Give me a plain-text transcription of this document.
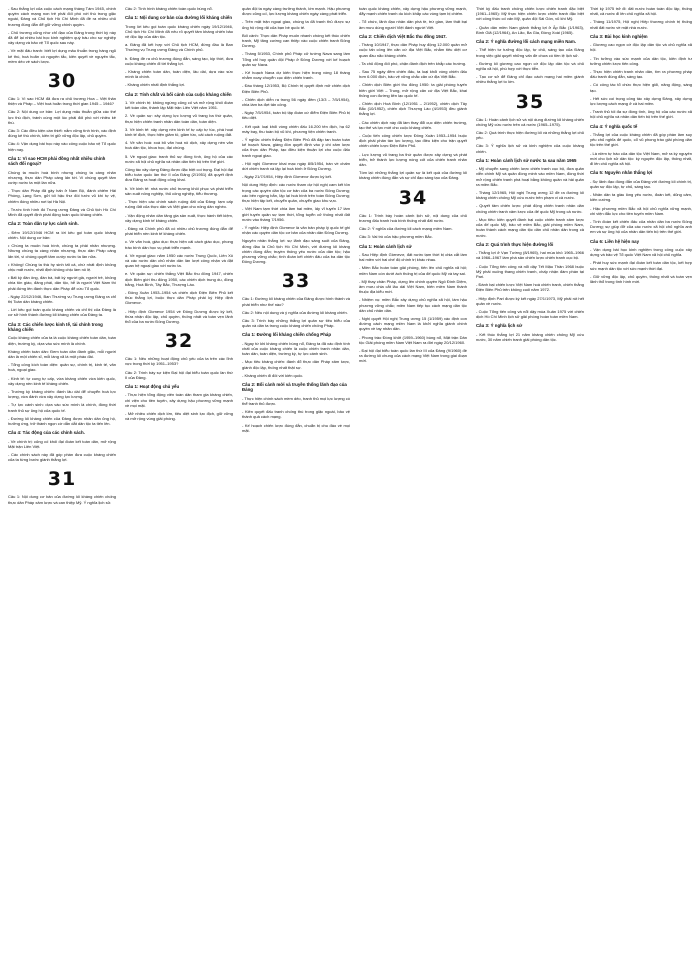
- Sau thắng lợi của cuộc cách mạng tháng Tám 1945, chính quyền cách mạng non trẻ phải đối phó với thù trong giặc ngoài, Đảng và Chủ tịch Hồ Chí Minh đã đề ra nhiều chủ trương đúng đắn để giữ vững chính quyền.
- Chủ trương cũng như chỉ đạo của Đảng trong thời kỳ này đã để lại nhiều bài học kinh nghiệm quý báu cho sự nghiệp xây dựng và bảo vệ Tổ quốc sau này.
- Về mặt đấu tranh: biết lợi dụng mâu thuẫn trong hàng ngũ kẻ thù, hoà hoãn có nguyên tắc, kiên quyết về nguyên tắc, mềm dẻo về sách lược.
30
Câu 1: Vì sao HCM đã đưa ra chủ trương Hoa – Việt thân thiện và Pháp – Việt hoà hoãn trong thời gian 1945 – 1946?
Câu 2: Nội dung cơ bản: Lợi dụng mâu thuẫn giữa các thế lực thù địch, tránh cùng một lúc phải đối phó với nhiều kẻ thù.
Câu 3: Các điều kiện cần thiết: nắm vững tình hình, xác định đúng kẻ thù chính, kiên trì giữ vững độc lập, chủ quyền.
Câu 4: Vận dụng bài học này vào công cuộc bảo vệ Tổ quốc hiện nay.
Câu 1: Vì sao HCM phải đồng nhất nhiều chính sách đối ngoại?
Chúng ta muốn hoà bình nhưng chúng ta càng nhân nhượng, thực dân Pháp càng lấn tới. Vì chúng quyết tâm cướp nước ta một lần nữa.
- Thực dân Pháp đã gây hấn ở Nam Bộ, đánh chiếm Hải Phòng, Lạng Sơn, gửi tối hậu thư đòi tước vũ khí tự vệ, chiếm đóng nhiều nơi tại Hà Nội.
- Trước tình hình đó Trung ương Đảng và Chủ tịch Hồ Chí Minh đã quyết định phát động toàn quốc kháng chiến.
Câu 2: Toàn dân tự lực cánh sinh.
- Đêm 19/12/1946 HCM ra lời kêu gọi toàn quốc kháng chiến. Nội dung cơ bản:
• Chúng ta muốn hoà bình, chúng ta phải nhân nhượng. Nhưng chúng ta càng nhân nhượng, thực dân Pháp càng lấn tới, vì chúng quyết tâm cướp nước ta lần nữa.
• Không! Chúng ta thà hy sinh tất cả, chứ nhất định không chịu mất nước, nhất định không chịu làm nô lệ.
• Bất kỳ đàn ông, đàn bà, bất kỳ người già, người trẻ, không chia tôn giáo, đảng phái, dân tộc, hễ là người Việt Nam thì phải đứng lên đánh thực dân Pháp để cứu Tổ quốc.
- Ngày 22/12/1946, Ban Thường vụ Trung ương Đảng ra chỉ thị Toàn dân kháng chiến.
- Lời kêu gọi toàn quốc kháng chiến và chỉ thị của Đảng là cơ sở hình thành đường lối kháng chiến của Đảng ta.
Câu 3: Các chiến lược kinh tế, tài chính trong kháng chiến
Cuộc kháng chiến của ta là cuộc kháng chiến toàn dân, toàn diện, trường kỳ, dựa vào sức mình là chính.
Kháng chiến toàn dân: Đem toàn dân đánh giặc, mỗi người dân là một chiến sĩ, mỗi làng xã là một pháo đài.
- Tổng công kích toàn diện: quân sự, chính trị, kinh tế, văn hoá, ngoại giao.
- Kinh tế: tự cung tự cấp, vừa kháng chiến vừa kiến quốc, xây dựng nền kinh tế kháng chiến.
- Trường kỳ kháng chiến: đánh lâu dài để chuyển hoá lực lượng, vừa đánh vừa xây dựng lực lượng.
- Tự lực cánh sinh: dựa vào sức mình là chính, đồng thời tranh thủ sự ủng hộ của quốc tế.
- Đường lối kháng chiến của Đảng được nhân dân ủng hộ, hưởng ứng, trở thành ngọn cờ dẫn dắt dân tộc ta tiến lên.
Câu 4: Tác động của các chính sách.
- Về chính trị: củng cố khối đại đoàn kết toàn dân, mở rộng Mặt trận Liên Việt.
- Các chính sách này đã góp phần đưa cuộc kháng chiến của ta từng bước giành thắng lợi.
31
Câu 1: Nội dung cơ bản của đường lối kháng chiến chống thực dân Pháp xâm lược và can thiệp Mỹ. Ý nghĩa lịch sử.
Câu 2: Tình hình kháng chiến toàn quốc bùng nổ.
Câu 1: Nội dung cơ bản của đường lối kháng chiến
Trong lời kêu gọi toàn quốc kháng chiến ngày 19/12/1946, Chủ tịch Hồ Chí Minh đã nêu rõ quyết tâm kháng chiến bảo vệ độc lập của dân tộc.
a. Đảng đã kết hợp với Chủ tịch HCM, đứng đầu là Ban Thường vụ Trung ương Đảng và Chính phủ.
b. Đảng đề ra chủ trương đúng đắn, sáng tạo, kịp thời, đưa cuộc kháng chiến đi tới thắng lợi.
- Kháng chiến toàn dân, toàn diện, lâu dài, dựa vào sức mình là chính.
- Kháng chiến nhất định thắng lợi.
Câu 2: Tính chất và bối cảnh của cuộc kháng chiến
1. Về chính trị: không ngừng củng cố và mở rộng khối đoàn kết toàn dân, thành lập Mặt trận Liên Việt năm 1951.
2. Về quân sự: xây dựng lực lượng vũ trang ba thứ quân, thực hiện chiến tranh nhân dân toàn dân, toàn diện.
3. Về kinh tế: xây dựng nền kinh tế tự cấp tự túc, phá hoại kinh tế địch, thực hiện giảm tô, giảm tức, cải cách ruộng đất.
4. Về văn hoá: xoá bỏ văn hoá nô dịch, xây dựng nền văn hoá dân tộc, khoa học, đại chúng.
5. Về ngoại giao: tranh thủ sự đồng tình, ủng hộ của các nước xã hội chủ nghĩa và nhân dân tiến bộ trên thế giới.
Công tác xây dựng Đảng được đặc biệt coi trọng. Đại hội đại biểu toàn quốc lần thứ II của Đảng (2/1951) đã quyết định đưa Đảng ra hoạt động công khai.
b. Về kinh tế: nhà nước chủ trương khôi phục và phát triển sản xuất nông nghiệp, thủ công nghiệp, tiểu thương.
- Thực hiện các chính sách ruộng đất của Đảng: tạm cấp ruộng đất của thực dân và Việt gian cho nông dân nghèo.
- Vận động nhân dân tăng gia sản xuất, thực hành tiết kiệm, xây dựng kinh tế kháng chiến.
- Đảng và Chính phủ đã có nhiều chủ trương đúng đắn để phát triển nền kinh tế kháng chiến.
c. Về văn hoá, giáo dục: thực hiện cải cách giáo dục, phong trào bình dân học vụ phát triển mạnh.
d. Về ngoại giao: năm 1950 các nước Trung Quốc, Liên Xô và các nước dân chủ nhân dân lần lượt công nhận và đặt quan hệ ngoại giao với nước ta.
e. Về quân sự: chiến thắng Việt Bắc thu đông 1947, chiến dịch Biên giới thu đông 1950, các chiến dịch trung du, đồng bằng, Hoà Bình, Tây Bắc, Thượng Lào.
- Đông Xuân 1953–1954 và chiến dịch Điện Biên Phủ kết thúc thắng lợi, buộc thực dân Pháp phải ký Hiệp định Giơnevơ.
- Hiệp định Giơnevơ 1954 về Đông Dương được ký kết, thừa nhận độc lập, chủ quyền, thống nhất và toàn vẹn lãnh thổ của ba nước Đông Dương.
32
Câu 1: Nêu những hoạt động chủ yếu của ta trên các lĩnh vực trong thời kỳ 1951–1953?
Câu 2: Trình bày sự kiện Đại hội đại biểu toàn quốc lần thứ II của Đảng.
Câu 1: Hoạt động chủ yếu
- Thực hiện tổng động viên toàn dân tham gia kháng chiến, chi viện cho tiền tuyến, xây dựng hậu phương vững mạnh về mọi mặt.
- Mở nhiều chiến dịch lớn, tiêu diệt sinh lực địch, giữ vững và mở rộng vùng giải phóng.
quân đội ta ngày càng trưởng thành, lớn mạnh. Hậu phương được củng cố, lực lượng kháng chiến ngày càng phát triển.
- Trên mặt trận ngoại giao, chúng ta đã tranh thủ được sự ủng hộ rộng rãi của bạn bè quốc tế.
Bối cảnh: Thực dân Pháp muốn nhanh chóng kết thúc chiến tranh, Mỹ tăng cường can thiệp vào cuộc chiến tranh Đông Dương.
- Tháng 5/1953, Chính phủ Pháp cử tướng Nava sang làm Tổng chỉ huy quân đội Pháp ở Đông Dương với kế hoạch quân sự Nava.
- Kế hoạch Nava dự kiến thực hiện trong vòng 18 tháng nhằm xoay chuyển cục diện chiến tranh.
- Đầu tháng 12/1953, Bộ Chính trị quyết định mở chiến dịch Điện Biên Phủ.
- Chiến dịch diễn ra trong 56 ngày đêm (13/3 – 7/5/1954), chia làm ba đợt tấn công.
- Ngày 7/5/1954, toàn bộ tập đoàn cứ điểm Điện Biên Phủ bị tiêu diệt.
- Kết quả: loại khỏi vòng chiến đấu 16.200 tên địch, hạ 62 máy bay, thu toàn bộ vũ khí, phương tiện chiến tranh.
- Ý nghĩa: chiến thắng Điện Biên Phủ đã đập tan hoàn toàn kế hoạch Nava, giáng đòn quyết định vào ý chí xâm lược của thực dân Pháp, tạo điều kiện thuận lợi cho cuộc đấu tranh ngoại giao.
- Hội nghị Giơnevơ khai mạc ngày 8/5/1954, bàn về chấm dứt chiến tranh và lập lại hoà bình ở Đông Dương.
- Ngày 21/7/1954, Hiệp định Giơnevơ được ký kết.
Nội dung Hiệp định: các nước tham dự hội nghị cam kết tôn trọng các quyền dân tộc cơ bản của ba nước Đông Dương; các bên ngừng bắn, lập lại hoà bình trên toàn Đông Dương; thực hiện tập kết, chuyển quân, chuyển giao khu vực.
- Việt Nam tạm thời chia làm hai miền, lấy vĩ tuyến 17 làm giới tuyến quân sự tạm thời, tổng tuyển cử thống nhất đất nước vào tháng 7/1956.
- Ý nghĩa: Hiệp định Giơnevơ là văn bản pháp lý quốc tế ghi nhận các quyền dân tộc cơ bản của nhân dân Đông Dương.
Nguyên nhân thắng lợi: sự lãnh đạo sáng suốt của Đảng, đứng đầu là Chủ tịch Hồ Chí Minh, với đường lối kháng chiến đúng đắn; truyền thống yêu nước của dân tộc; hậu phương vững chắc; tình đoàn kết chiến đấu của ba dân tộc Đông Dương.
33
Câu 1: Đường lối kháng chiến của Đảng được hình thành và phát triển như thế nào?
Câu 2: Nêu nội dung và ý nghĩa của đường lối kháng chiến.
Câu 3: Trình bày những thắng lợi quân sự tiêu biểu của quân và dân ta trong cuộc kháng chiến chống Pháp.
Câu 1: Đường lối kháng chiến chống Pháp
- Ngay từ khi kháng chiến bùng nổ, Đảng ta đã xác định tính chất của cuộc kháng chiến là cuộc chiến tranh nhân dân, toàn dân, toàn diện, trường kỳ, tự lực cánh sinh.
- Mục tiêu kháng chiến: đánh đổ thực dân Pháp xâm lược, giành độc lập, thống nhất thật sự.
- Kháng chiến đi đôi với kiến quốc.
Câu 2: Bối cảnh mới và truyền thống lãnh đạo của Đảng
- Thực hiện chính sách mềm dẻo, tranh thủ mọi lực lượng có thể tranh thủ được.
- Kiên quyết đấu tranh chống thù trong giặc ngoài, bảo vệ thành quả cách mạng.
- Kế hoạch chiến lược đúng đắn, chuẩn bị chu đáo về mọi mặt.
toàn quốc kháng chiến, xây dựng hậu phương vững mạnh, đẩy mạnh chiến tranh du kích khắp các vùng tạm bị chiếm.
- Tổ chức, lãnh đạo nhân dân phá tề, trừ gian, làm thất bại âm mưu dùng người Việt đánh người Việt.
Câu 2: Chiến dịch Việt Bắc thu đông 1947.
- Tháng 10/1947, thực dân Pháp huy động 12.000 quân mở cuộc tấn công lên căn cứ địa Việt Bắc, nhằm tiêu diệt cơ quan đầu não kháng chiến.
- Ta chủ động đối phó, chặn đánh địch trên khắp các hướng.
- Sau 75 ngày đêm chiến đấu, ta loại khỏi vòng chiến đấu hơn 6.000 địch, bảo vệ vững chắc căn cứ địa Việt Bắc.
- Chiến dịch Biên giới thu đông 1950: ta giải phóng tuyến biên giới Việt – Trung, mở rộng căn cứ địa Việt Bắc, khai thông con đường liên lạc quốc tế.
- Chiến dịch Hoà Bình (12/1951 – 2/1952), chiến dịch Tây Bắc (10/1952), chiến dịch Thượng Lào (4/1953) đều giành thắng lợi.
- Các chiến dịch này đã làm thay đổi cục diện chiến trường, tạo thế và lực mới cho cuộc kháng chiến.
- Cuộc tiến công chiến lược Đông Xuân 1953–1954 buộc địch phải phân tán lực lượng, tạo điều kiện cho trận quyết chiến chiến lược Điện Biên Phủ.
- Lực lượng vũ trang ba thứ quân được xây dựng và phát triển, trở thành lực lượng nòng cốt của chiến tranh nhân dân.
Tóm lại: những thắng lợi quân sự là kết quả của đường lối kháng chiến đúng đắn và sự chỉ đạo sáng tạo của Đảng.
34
Câu 1: Trình bày hoàn cảnh lịch sử, nội dung của chủ trương đấu tranh hoà bình thống nhất đất nước.
Câu 2: Ý nghĩa của đường lối cách mạng miền Nam.
Câu 3: Vai trò của hậu phương miền Bắc.
Câu 1: Hoàn cảnh lịch sử
- Sau Hiệp định Giơnevơ, đất nước tạm thời bị chia cắt làm hai miền với hai chế độ chính trị khác nhau.
- Miền Bắc hoàn toàn giải phóng, tiến lên chủ nghĩa xã hội; miền Nam còn dưới ách thống trị của đế quốc Mỹ và tay sai.
- Mỹ thay chân Pháp, dựng lên chính quyền Ngô Đình Diệm, âm mưu chia cắt lâu dài Việt Nam, biến miền Nam thành thuộc địa kiểu mới.
- Nhiệm vụ: miền Bắc xây dựng chủ nghĩa xã hội, làm hậu phương vững chắc; miền Nam tiếp tục cách mạng dân tộc dân chủ nhân dân.
- Nghị quyết Hội nghị Trung ương 15 (1/1959) xác định con đường cách mạng miền Nam là khởi nghĩa giành chính quyền về tay nhân dân.
- Phong trào Đồng khởi (1959–1960) bùng nổ, Mặt trận Dân tộc Giải phóng miền Nam Việt Nam ra đời ngày 20/12/1960.
- Đại hội đại biểu toàn quốc lần thứ III của Đảng (9/1960) đề ra đường lối chung của cách mạng Việt Nam trong giai đoạn mới.
Thời kỳ đấu tranh chống chiến lược chiến tranh đặc biệt (1961–1965): Mỹ thực hiện chiến lược chiến tranh đặc biệt với công thức cố vấn Mỹ, quân đội Sài Gòn, vũ khí Mỹ.
- Quân dân miền Nam giành thắng lợi ở Ấp Bắc (1/1963), Bình Giã (12/1964), An Lão, Ba Gia, Đồng Xoài (1965).
Câu 2: Ý nghĩa đường lối cách mạng miền Nam.
- Thể hiện tư tưởng độc lập, tự chủ, sáng tạo của Đảng trong việc giải quyết những vấn đề chưa có tiền lệ lịch sử.
- Đường lối giương cao ngọn cờ độc lập dân tộc và chủ nghĩa xã hội, phù hợp với thực tiễn.
- Tạo cơ sở để Đảng chỉ đạo cách mạng hai miền giành nhiều thắng lợi to lớn.
35
Câu 1: Hoàn cảnh lịch sử và nội dung đường lối kháng chiến chống Mỹ cứu nước trên cả nước (1965–1975).
Câu 2: Quá trình thực hiện đường lối và những thắng lợi chủ yếu.
Câu 3: Ý nghĩa lịch sử và kinh nghiệm của cuộc kháng chiến.
Câu 1: Hoàn cảnh lịch sử nước ta sau năm 1965
- Mỹ chuyển sang chiến lược chiến tranh cục bộ, đưa quân viễn chinh Mỹ và quân đồng minh vào miền Nam, đồng thời mở rộng chiến tranh phá hoại bằng không quân và hải quân ra miền Bắc.
- Tháng 12/1965, Hội nghị Trung ương 12 đề ra đường lối kháng chiến chống Mỹ cứu nước trên phạm vi cả nước.
- Quyết tâm chiến lược: phát động chiến tranh nhân dân chống chiến tranh xâm lược của đế quốc Mỹ trong cả nước.
- Mục tiêu: kiên quyết đánh bại cuộc chiến tranh xâm lược của đế quốc Mỹ, bảo vệ miền Bắc, giải phóng miền Nam, hoàn thành cách mạng dân tộc dân chủ nhân dân trong cả nước.
Câu 2: Quá trình thực hiện đường lối
- Thắng lợi ở Vạn Tường (8/1965), hai mùa khô 1965–1966 và 1966–1967 làm phá sản chiến lược chiến tranh cục bộ.
- Cuộc Tổng tiến công và nổi dậy Tết Mậu Thân 1968 buộc Mỹ phải xuống thang chiến tranh, chấp nhận đàm phán tại Pari.
- Đánh bại chiến lược Việt Nam hoá chiến tranh, chiến thắng Điện Biên Phủ trên không cuối năm 1972.
- Hiệp định Pari được ký kết ngày 27/1/1973, Mỹ phải rút hết quân về nước.
- Cuộc Tổng tiến công và nổi dậy mùa Xuân 1975 với chiến dịch Hồ Chí Minh lịch sử giải phóng hoàn toàn miền Nam.
Câu 3: Ý nghĩa lịch sử
- Kết thúc thắng lợi 21 năm kháng chiến chống Mỹ cứu nước, 30 năm chiến tranh giải phóng dân tộc.
Thời kỳ 1975 trở đi: đất nước hoàn toàn độc lập, thống nhất, cả nước đi lên chủ nghĩa xã hội.
- Tháng 11/1975, Hội nghị Hiệp thương chính trị thống nhất đất nước về mặt nhà nước.
Câu 3: Bài học kinh nghiệm
- Giương cao ngọn cờ độc lập dân tộc và chủ nghĩa xã hội.
- Tin tưởng vào sức mạnh của dân tộc, kiên định tư tưởng chiến lược tiến công.
- Thực hiện chiến tranh nhân dân, tìm ra phương pháp đấu tranh đúng đắn, sáng tạo.
- Có công tác tổ chức thực hiện giỏi, năng động, sáng tạo.
- Hết sức coi trọng công tác xây dựng Đảng, xây dựng lực lượng cách mạng ở cả hai miền.
- Tranh thủ tối đa sự đồng tình, ủng hộ của các nước xã hội chủ nghĩa và nhân dân tiến bộ trên thế giới.
Câu 4: Ý nghĩa quốc tế
- Thắng lợi của cuộc kháng chiến đã góp phần làm suy yếu chủ nghĩa đế quốc, cổ vũ phong trào giải phóng dân tộc trên thế giới.
- Là niềm tự hào của dân tộc Việt Nam, mở ra kỷ nguyên mới cho lịch sử dân tộc: kỷ nguyên độc lập, thống nhất, đi lên chủ nghĩa xã hội.
Câu 5: Nguyên nhân thắng lợi
- Sự lãnh đạo đúng đắn của Đảng với đường lối chính trị, quân sự độc lập, tự chủ, sáng tạo.
- Nhân dân ta giàu lòng yêu nước, đoàn kết, dũng cảm, kiên cường.
- Hậu phương miền Bắc xã hội chủ nghĩa vững mạnh, chi viện đắc lực cho tiền tuyến miền Nam.
- Tình đoàn kết chiến đấu của nhân dân ba nước Đông Dương; sự giúp đỡ của các nước xã hội chủ nghĩa anh em và sự ủng hộ của nhân dân tiến bộ trên thế giới.
Câu 6: Liên hệ hiện nay
- Vận dụng bài học kinh nghiệm trong công cuộc xây dựng và bảo vệ Tổ quốc Việt Nam xã hội chủ nghĩa.
- Phát huy sức mạnh đại đoàn kết toàn dân tộc, kết hợp sức mạnh dân tộc với sức mạnh thời đại.
- Giữ vững độc lập, chủ quyền, thống nhất và toàn vẹn lãnh thổ trong tình hình mới.
